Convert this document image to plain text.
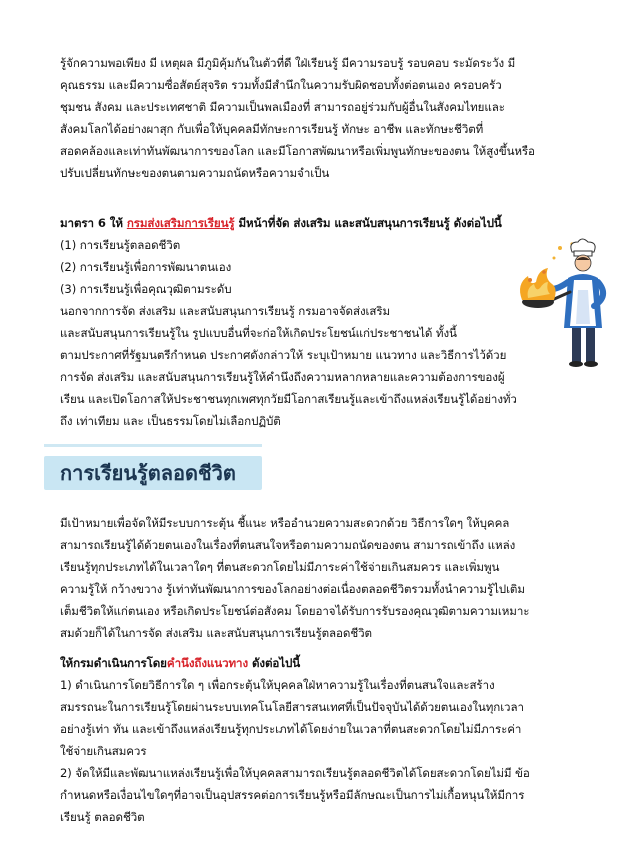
รู้จักความพอเพียง มี เหตุผล มีภูมิคุ้มกันในตัวที่ดี ใฝ่เรียนรู้ มีความรอบรู้ รอบคอบ ระมัดระวัง มี
คุณธรรม และมีความซื่อสัตย์สุจริต รวมทั้งมีสำนึกในความรับผิดชอบทั้งต่อตนเอง ครอบครัว
ชุมชน สังคม และประเทศชาติ มีความเป็นพลเมืองที่ สามารถอยู่ร่วมกับผู้อื่นในสังคมไทยและ
สังคมโลกได้อย่างผาสุก กับเพื่อให้บุคคลมีทักษะการเรียนรู้ ทักษะ อาชีพ และทักษะชีวิตที่
สอดคล้องและเท่าทันพัฒนาการของโลก และมีโอกาสพัฒนาหรือเพิ่มพูนทักษะของตน ให้สูงขึ้นหรือ
ปรับเปลี่ยนทักษะของตนตามความถนัดหรือความจำเป็น
มาตรา 6 ให้ กรมส่งเสริมการเรียนรู้ มีหน้าที่จัด ส่งเสริม และสนับสนุนการเรียนรู้ ดังต่อไปนี้
(1) การเรียนรู้ตลอดชีวิต
(2) การเรียนรู้เพื่อการพัฒนาตนเอง
(3) การเรียนรู้เพื่อคุณวุฒิตามระดับ
นอกจากการจัด ส่งเสริม และสนับสนุนการเรียนรู้ กรมอาจจัดส่งเสริม
และสนับสนุนการเรียนรู้ใน รูปแบบอื่นที่จะก่อให้เกิดประโยชน์แก่ประชาชนได้ ทั้งนี้
ตามประกาศที่รัฐมนตรีกำหนด ประกาศดังกล่าวให้ ระบุเป้าหมาย แนวทาง และวิธีการไว้ด้วย
การจัด ส่งเสริม และสนับสนุนการเรียนรู้ให้คำนึงถึงความหลากหลายและความต้องการของผู้
เรียน และเปิดโอกาสให้ประชาชนทุกเพศทุกวัยมีโอกาสเรียนรู้และเข้าถึงแหล่งเรียนรู้ได้อย่างทั่ว
ถึง เท่าเทียม และ เป็นธรรมโดยไม่เลือกปฏิบัติ
การเรียนรู้ตลอดชีวิต
มีเป้าหมายเพื่อจัดให้มีระบบการะตุ้น ชี้แนะ หรืออำนวยความสะดวกด้วย วิธีการใดๆ ให้บุคคล
สามารถเรียนรู้ได้ด้วยตนเองในเรื่องที่ตนสนใจหรือตามความถนัดของตน สามารถเข้าถึง แหล่ง
เรียนรู้ทุกประเภทได้ในเวลาใดๆ ที่ตนสะดวกโดยไม่มีภาระค่าใช้จ่ายเกินสมควร และเพิ่มพูน
ความรู้ให้ กว้างขวาง รู้เท่าทันพัฒนาการของโลกอย่างต่อเนื่องตลอดชีวิตรวมทั้งนำความรู้ไปเติม
เต็มชีวิตให้แก่ตนเอง หรือเกิดประโยชน์ต่อสังคม โดยอาจได้รับการรับรองคุณวุฒิตามความเหมาะ
สมด้วยก็ได้ในการจัด ส่งเสริม และสนับสนุนการเรียนรู้ตลอดชีวิต
ให้กรมดำเนินการโดยคำนึงถึงแนวทาง ดังต่อไปนี้
1) ดำเนินการโดยวิธีการใด ๆ เพื่อกระตุ้นให้บุคคลใฝ่หาความรู้ในเรื่องที่ตนสนใจและสร้าง
สมรรถนะในการเรียนรู้โดยผ่านระบบเทคโนโลยีสารสนเทศที่เป็นปัจจุบันได้ด้วยตนเองในทุกเวลา
อย่างรู้เท่า ทัน และเข้าถึงแหล่งเรียนรู้ทุกประเภทได้โดยง่ายในเวลาที่ตนสะดวกโดยไม่มีภาระค่า
ใช้จ่ายเกินสมควร
2) จัดให้มีและพัฒนาแหล่งเรียนรู้เพื่อให้บุคคลสามารถเรียนรู้ตลอดชีวิตได้โดยสะดวกโดยไม่มี ข้อ
กำหนดหรือเงื่อนไขใดๆที่อาจเป็นอุปสรรคต่อการเรียนรู้หรือมีลักษณะเป็นการไม่เกื้อหนุนให้มีการ
เรียนรู้ ตลอดชีวิต
